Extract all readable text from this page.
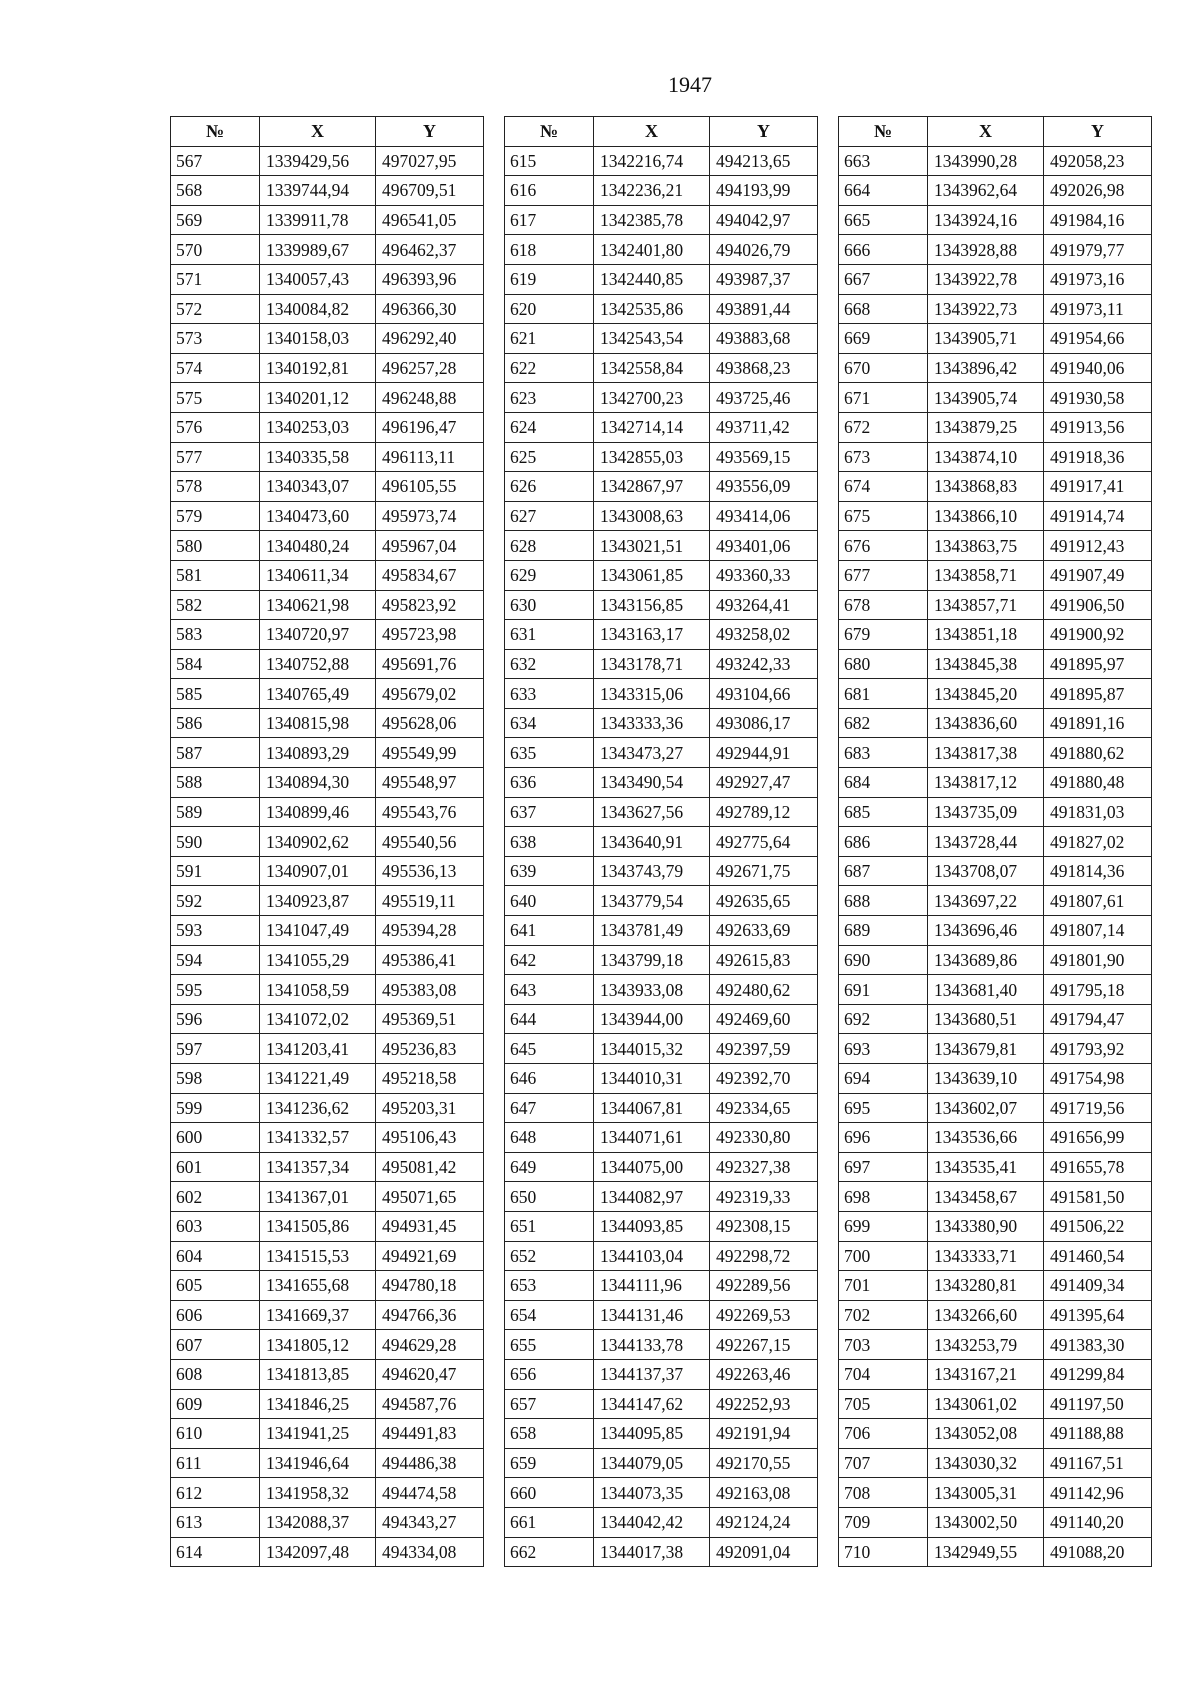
1947
№	X	Y
567	1339429,56	497027,95
568	1339744,94	496709,51
569	1339911,78	496541,05
570	1339989,67	496462,37
571	1340057,43	496393,96
572	1340084,82	496366,30
573	1340158,03	496292,40
574	1340192,81	496257,28
575	1340201,12	496248,88
576	1340253,03	496196,47
577	1340335,58	496113,11
578	1340343,07	496105,55
579	1340473,60	495973,74
580	1340480,24	495967,04
581	1340611,34	495834,67
582	1340621,98	495823,92
583	1340720,97	495723,98
584	1340752,88	495691,76
585	1340765,49	495679,02
586	1340815,98	495628,06
587	1340893,29	495549,99
588	1340894,30	495548,97
589	1340899,46	495543,76
590	1340902,62	495540,56
591	1340907,01	495536,13
592	1340923,87	495519,11
593	1341047,49	495394,28
594	1341055,29	495386,41
595	1341058,59	495383,08
596	1341072,02	495369,51
597	1341203,41	495236,83
598	1341221,49	495218,58
599	1341236,62	495203,31
600	1341332,57	495106,43
601	1341357,34	495081,42
602	1341367,01	495071,65
603	1341505,86	494931,45
604	1341515,53	494921,69
605	1341655,68	494780,18
606	1341669,37	494766,36
607	1341805,12	494629,28
608	1341813,85	494620,47
609	1341846,25	494587,76
610	1341941,25	494491,83
611	1341946,64	494486,38
612	1341958,32	494474,58
613	1342088,37	494343,27
614	1342097,48	494334,08
№	X	Y
615	1342216,74	494213,65
616	1342236,21	494193,99
617	1342385,78	494042,97
618	1342401,80	494026,79
619	1342440,85	493987,37
620	1342535,86	493891,44
621	1342543,54	493883,68
622	1342558,84	493868,23
623	1342700,23	493725,46
624	1342714,14	493711,42
625	1342855,03	493569,15
626	1342867,97	493556,09
627	1343008,63	493414,06
628	1343021,51	493401,06
629	1343061,85	493360,33
630	1343156,85	493264,41
631	1343163,17	493258,02
632	1343178,71	493242,33
633	1343315,06	493104,66
634	1343333,36	493086,17
635	1343473,27	492944,91
636	1343490,54	492927,47
637	1343627,56	492789,12
638	1343640,91	492775,64
639	1343743,79	492671,75
640	1343779,54	492635,65
641	1343781,49	492633,69
642	1343799,18	492615,83
643	1343933,08	492480,62
644	1343944,00	492469,60
645	1344015,32	492397,59
646	1344010,31	492392,70
647	1344067,81	492334,65
648	1344071,61	492330,80
649	1344075,00	492327,38
650	1344082,97	492319,33
651	1344093,85	492308,15
652	1344103,04	492298,72
653	1344111,96	492289,56
654	1344131,46	492269,53
655	1344133,78	492267,15
656	1344137,37	492263,46
657	1344147,62	492252,93
658	1344095,85	492191,94
659	1344079,05	492170,55
660	1344073,35	492163,08
661	1344042,42	492124,24
662	1344017,38	492091,04
№	X	Y
663	1343990,28	492058,23
664	1343962,64	492026,98
665	1343924,16	491984,16
666	1343928,88	491979,77
667	1343922,78	491973,16
668	1343922,73	491973,11
669	1343905,71	491954,66
670	1343896,42	491940,06
671	1343905,74	491930,58
672	1343879,25	491913,56
673	1343874,10	491918,36
674	1343868,83	491917,41
675	1343866,10	491914,74
676	1343863,75	491912,43
677	1343858,71	491907,49
678	1343857,71	491906,50
679	1343851,18	491900,92
680	1343845,38	491895,97
681	1343845,20	491895,87
682	1343836,60	491891,16
683	1343817,38	491880,62
684	1343817,12	491880,48
685	1343735,09	491831,03
686	1343728,44	491827,02
687	1343708,07	491814,36
688	1343697,22	491807,61
689	1343696,46	491807,14
690	1343689,86	491801,90
691	1343681,40	491795,18
692	1343680,51	491794,47
693	1343679,81	491793,92
694	1343639,10	491754,98
695	1343602,07	491719,56
696	1343536,66	491656,99
697	1343535,41	491655,78
698	1343458,67	491581,50
699	1343380,90	491506,22
700	1343333,71	491460,54
701	1343280,81	491409,34
702	1343266,60	491395,64
703	1343253,79	491383,30
704	1343167,21	491299,84
705	1343061,02	491197,50
706	1343052,08	491188,88
707	1343030,32	491167,51
708	1343005,31	491142,96
709	1343002,50	491140,20
710	1342949,55	491088,20
